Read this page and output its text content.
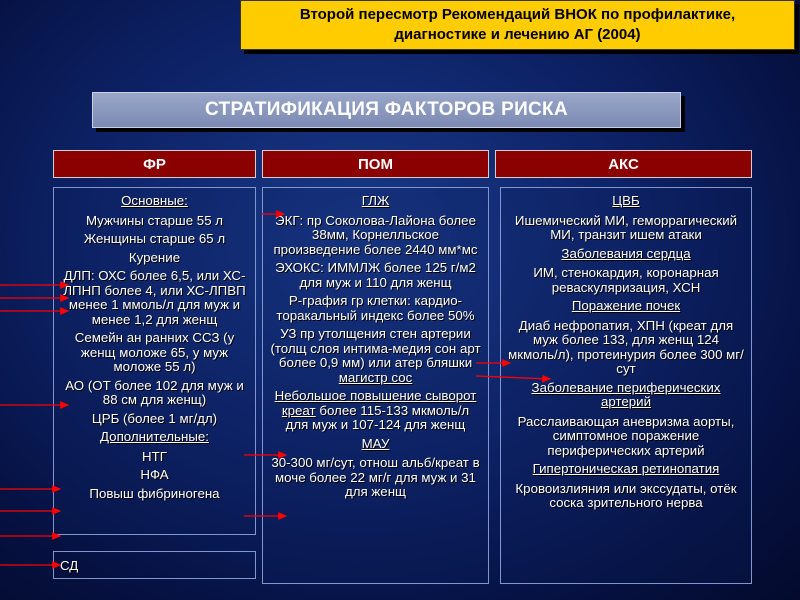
Второй пересмотр Рекомендаций ВНОК по профилактике,
диагностике и лечению АГ (2004)
СТРАТИФИКАЦИЯ ФАКТОРОВ РИСКА
ФР	ПОМ	АКС
Основные:
Мужчины старше 55 л
Женщины старше 65 л
Курение
ДЛП: ОХС более 6,5, или ХС-ЛПНП более 4, или ХС-ЛПВП менее 1 ммоль/л для муж и менее 1,2 для женщ
Семейн ан ранних ССЗ (у женщ моложе 65, у муж моложе 55 л)
АО (ОТ более 102 для муж и 88 см для женщ)
ЦРБ (более 1 мг/дл)
Дополнительные:
НТГ
НФА
Повыш фибриногена
ГЛЖ
ЭКГ: пр Соколова-Лайона более 38мм, Корнелльское произведение более 2440 мм*мс
ЭХОКС: ИММЛЖ более 125 г/м2 для муж и 110 для женщ
Р-графия гр клетки: кардио-торакальный индекс более 50%
УЗ пр утолщения стен артерии (толщ слоя интима-медия сон арт более 0,9 мм) или атер бляшки магистр сос
Небольшое повышение сыворот креат более 115-133 мкмоль/л для муж и 107-124 для женщ
МАУ
30-300 мг/сут, отнош альб/креат в моче более 22 мг/г для муж и 31 для женщ
ЦВБ
Ишемический МИ, геморрагический МИ, транзит ишем атаки
Заболевания сердца
ИМ, стенокардия, коронарная реваскуляризация, ХСН
Поражение почек
Диаб нефропатия, ХПН (креат для муж более 133, для женщ 124 мкмоль/л), протеинурия более 300 мг/сут
Заболевание периферических артерий
Расслаивающая аневризма аорты, симптомное поражение периферических артерий
Гипертоническая ретинопатия
Кровоизлияния или экссудаты, отёк соска зрительного нерва
СД
